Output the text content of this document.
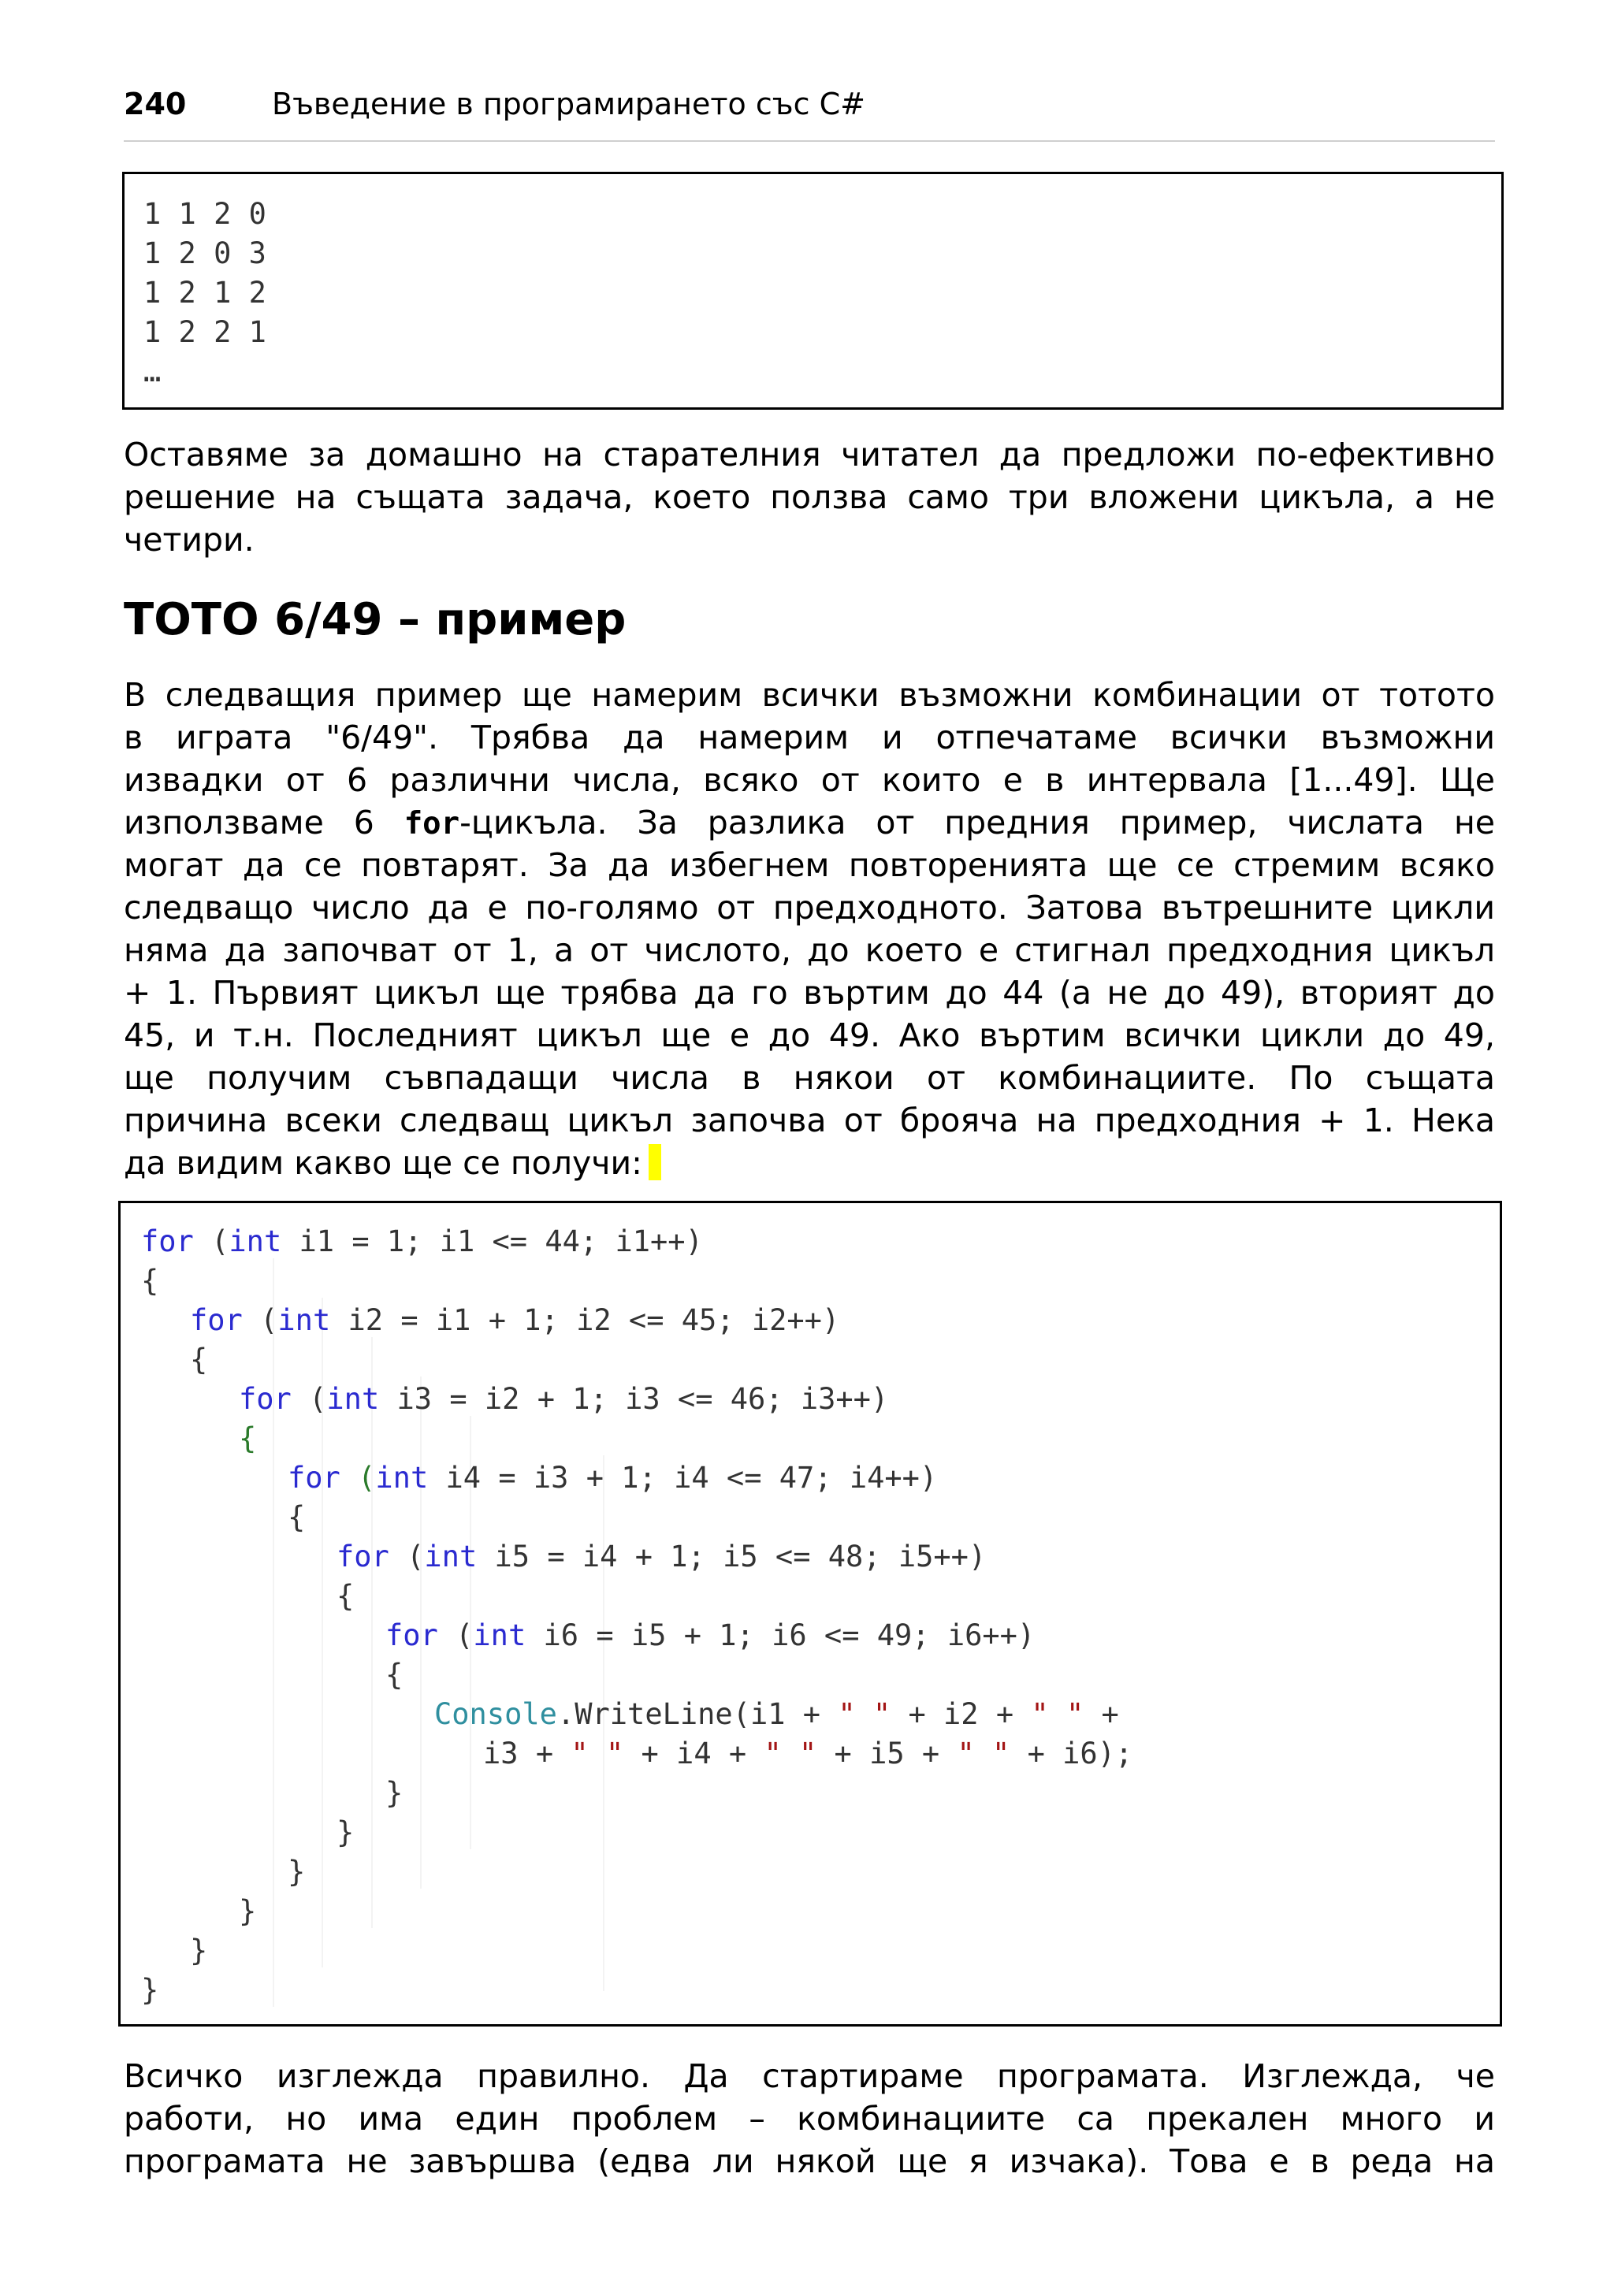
240	Въведение в програмирането със C#
1 1 2 0
1 2 0 3
1 2 1 2
1 2 2 1
…
Оставяме за домашно на старателния читател да предложи по-ефективно
решение на същата задача, което ползва само три вложени цикъла, а не
четири.
ТОТО 6/49 – пример
В следващия пример ще намерим всички възможни комбинации от тотото
в играта "6/49". Трябва да намерим и отпечатаме всички възможни
извадки от 6 различни числа, всяко от които е в интервала [1...49]. Ще
използваме 6 for-цикъла. За разлика от предния пример, числата не
могат да се повтарят. За да избегнем повторенията ще се стремим всяко
следващо число да е по-голямо от предходното. Затова вътрешните цикли
няма да започват от 1, а от числото, до което е стигнал предходния цикъл
+ 1. Първият цикъл ще трябва да го въртим до 44 (а не до 49), вторият до
45, и т.н. Последният цикъл ще е до 49. Ако въртим всички цикли до 49,
ще получим съвпадащи числа в някои от комбинациите. По същата
причина всеки следващ цикъл започва от брояча на предходния + 1. Нека
да видим какво ще се получи:
for (int i1 = 1; i1 <= 44; i1++)
{
for (int i2 = i1 + 1; i2 <= 45; i2++)
{
for (int i3 = i2 + 1; i3 <= 46; i3++)
{
for (int i4 = i3 + 1; i4 <= 47; i4++)
{
for (int i5 = i4 + 1; i5 <= 48; i5++)
{
for (int i6 = i5 + 1; i6 <= 49; i6++)
{
Console.WriteLine(i1 + " " + i2 + " " +
i3 + " " + i4 + " " + i5 + " " + i6);
}
}
}
}
}
}
Всичко изглежда правилно. Да стартираме програмата. Изглежда, че
работи, но има един проблем – комбинациите са прекален много и
програмата не завършва (едва ли някой ще я изчака). Това е в реда на
